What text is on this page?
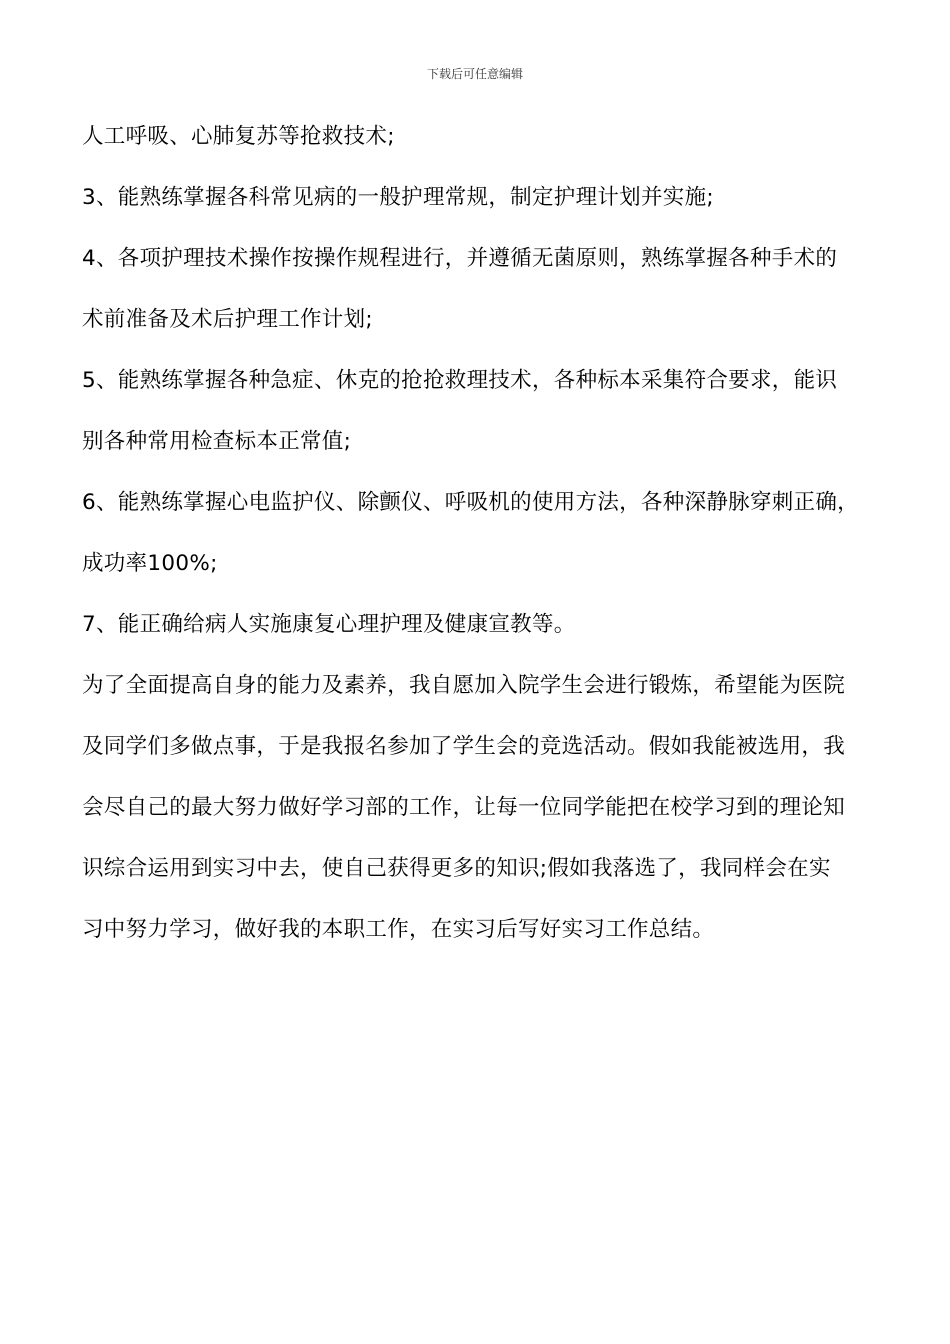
下载后可任意编辑
人工呼吸、心肺复苏等抢救技术;
3、能熟练掌握各科常见病的一般护理常规，制定护理计划并实施;
4、各项护理技术操作按操作规程进行，并遵循无菌原则，熟练掌握各种手术的
术前准备及术后护理工作计划;
5、能熟练掌握各种急症、休克的抢抢救理技术，各种标本采集符合要求，能识
别各种常用检查标本正常值;
6、能熟练掌握心电监护仪、除颤仪、呼吸机的使用方法，各种深静脉穿刺正确，
成功率100%;
7、能正确给病人实施康复心理护理及健康宣教等。
为了全面提高自身的能力及素养，我自愿加入院学生会进行锻炼，希望能为医院
及同学们多做点事，于是我报名参加了学生会的竞选活动。假如我能被选用，我
会尽自己的最大努力做好学习部的工作，让每一位同学能把在校学习到的理论知
识综合运用到实习中去，使自己获得更多的知识;假如我落选了，我同样会在实
习中努力学习，做好我的本职工作，在实习后写好实习工作总结。
